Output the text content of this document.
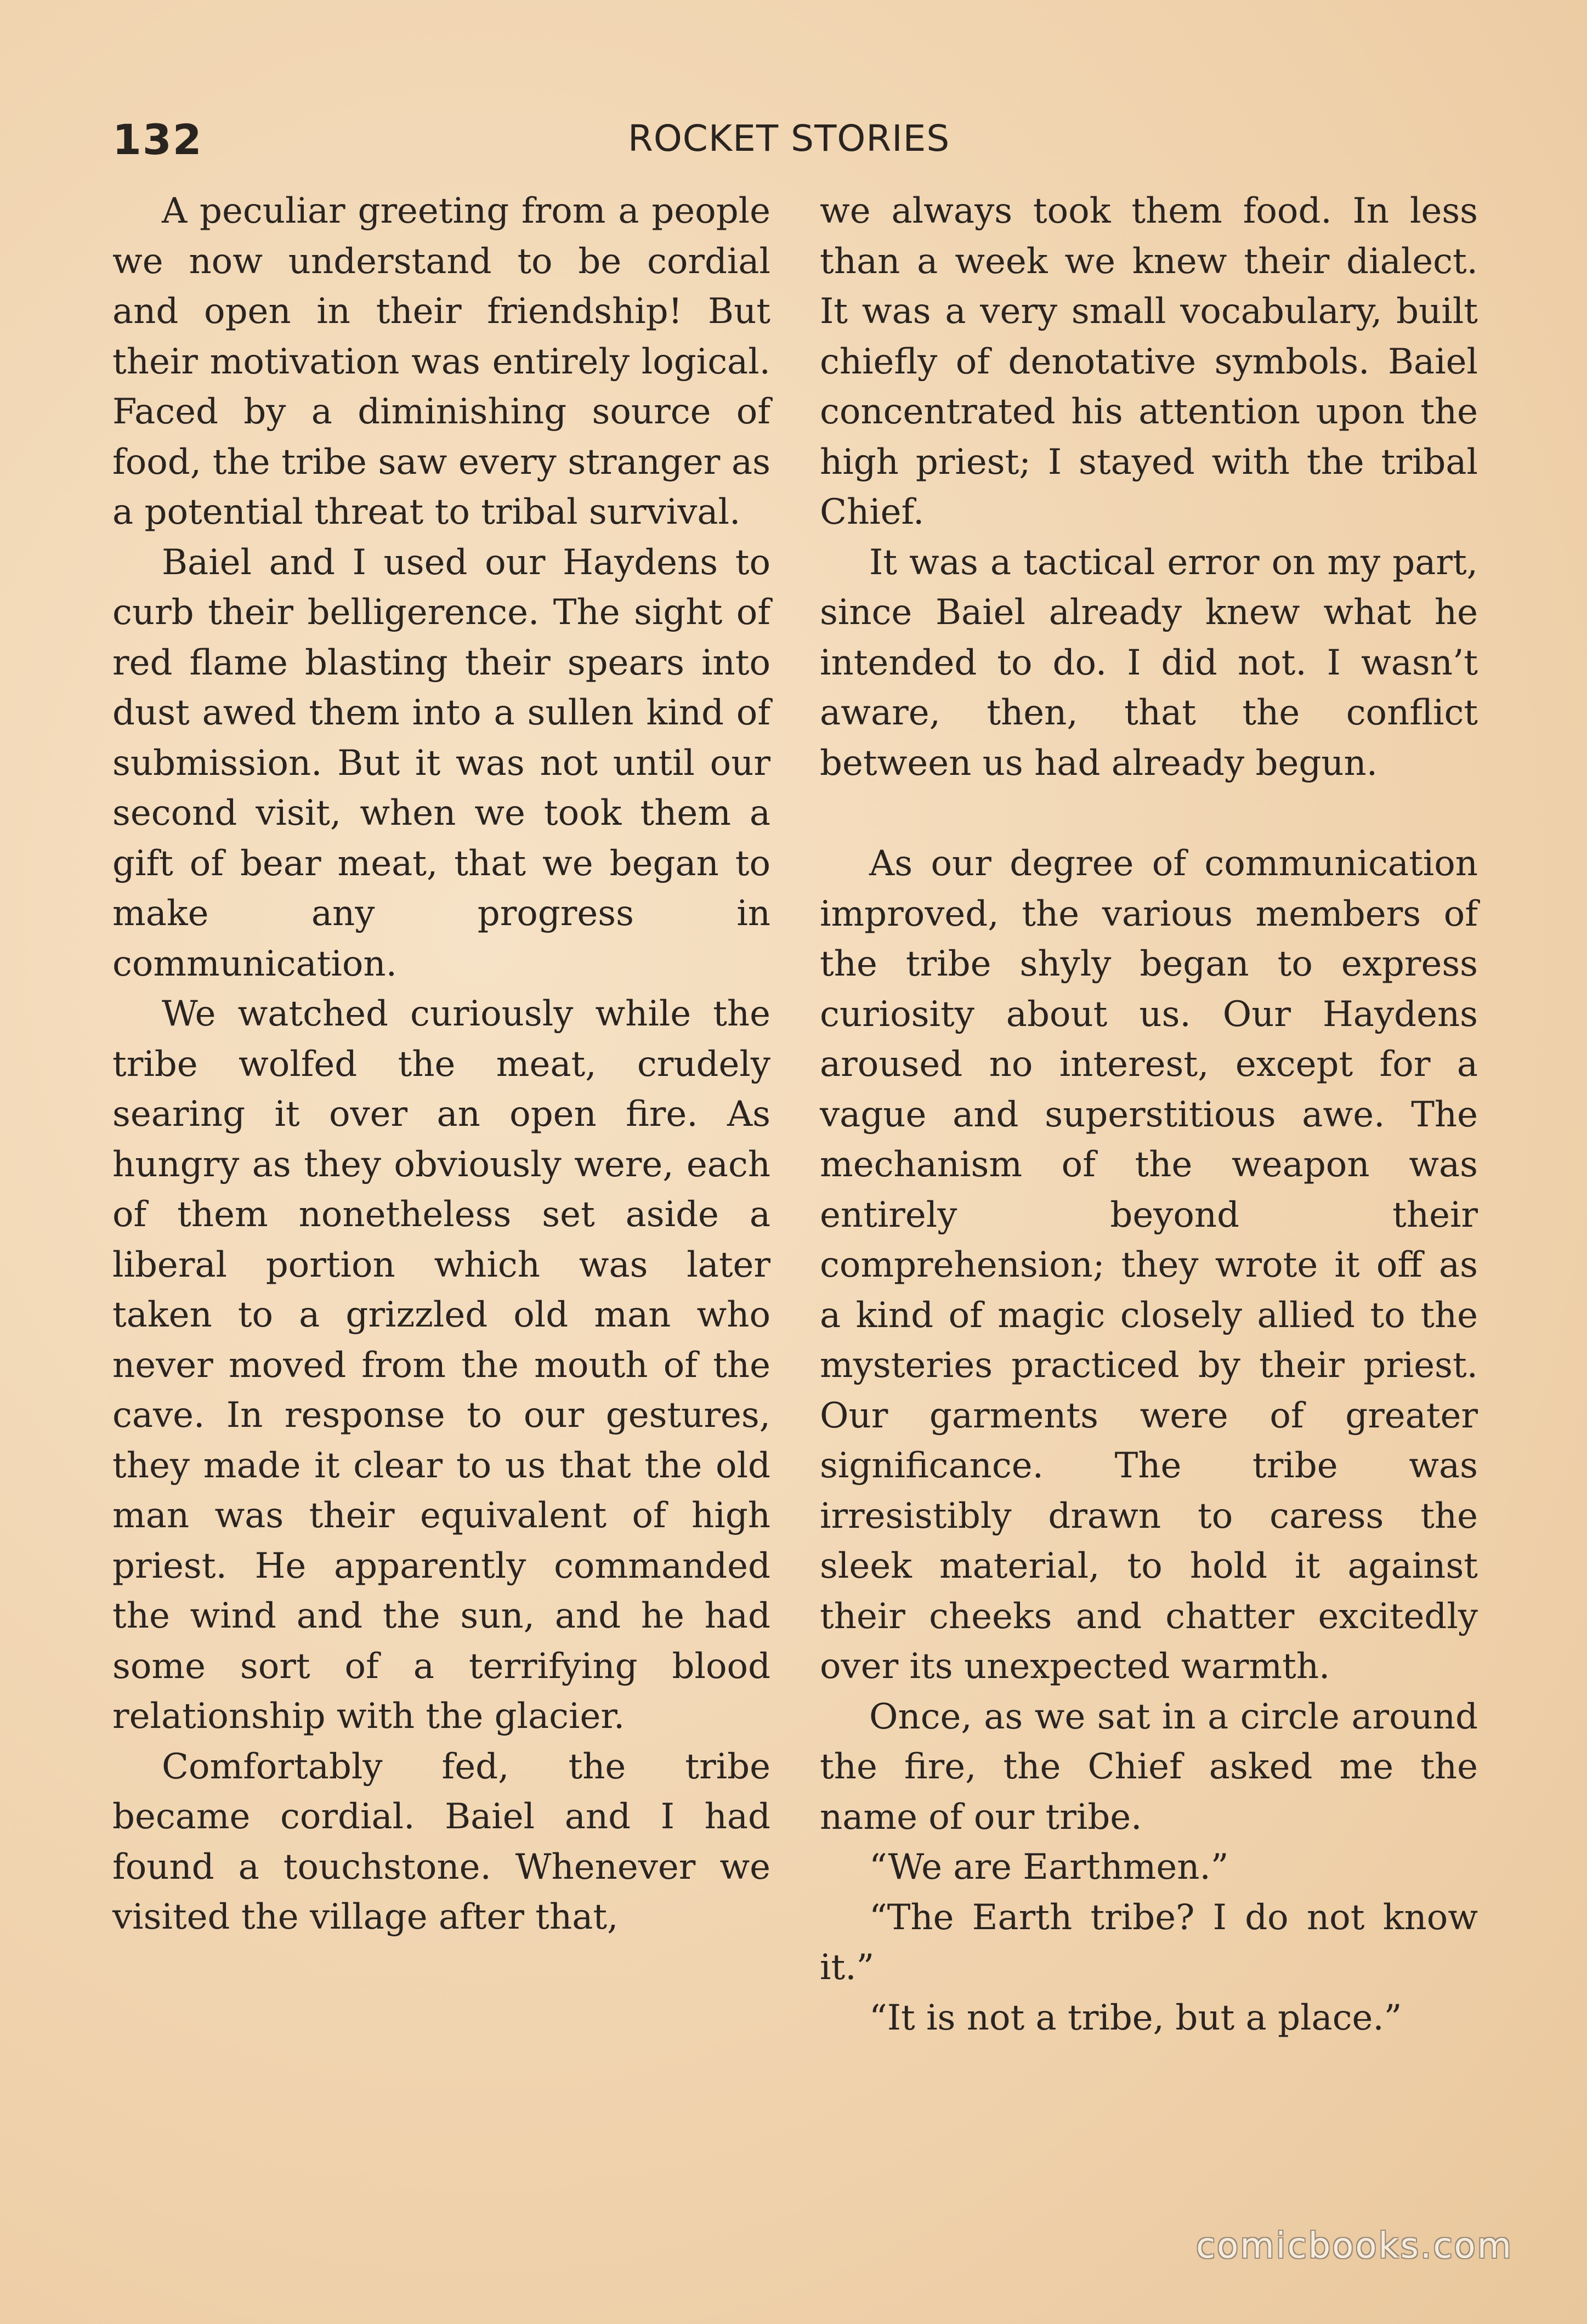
132	ROCKET STORIES

A peculiar greeting from a people we now understand to be cordial and open in their friendship! But their motivation was entirely logical. Faced by a diminishing source of food, the tribe saw every stranger as a potential threat to tribal survival.

Baiel and I used our Haydens to curb their belligerence. The sight of red flame blasting their spears into dust awed them into a sullen kind of submission. But it was not until our second visit, when we took them a gift of bear meat, that we began to make any progress in communication.

We watched curiously while the tribe wolfed the meat, crudely searing it over an open fire. As hungry as they obviously were, each of them nonetheless set aside a liberal portion which was later taken to a grizzled old man who never moved from the mouth of the cave. In response to our gestures, they made it clear to us that the old man was their equivalent of high priest. He apparently commanded the wind and the sun, and he had some sort of a terrifying blood relationship with the glacier.

Comfortably fed, the tribe became cordial. Baiel and I had found a touchstone. Whenever we visited the village after that,

we always took them food. In less than a week we knew their dialect. It was a very small vocabulary, built chiefly of denotative symbols. Baiel concentrated his attention upon the high priest; I stayed with the tribal Chief.

It was a tactical error on my part, since Baiel already knew what he intended to do. I did not. I wasn’t aware, then, that the conflict between us had already begun.

As our degree of communication improved, the various members of the tribe shyly began to express curiosity about us. Our Haydens aroused no interest, except for a vague and superstitious awe. The mechanism of the weapon was entirely beyond their comprehension; they wrote it off as a kind of magic closely allied to the mysteries practiced by their priest. Our garments were of greater significance. The tribe was irresistibly drawn to caress the sleek material, to hold it against their cheeks and chatter excitedly over its unexpected warmth.

Once, as we sat in a circle around the fire, the Chief asked me the name of our tribe.

“We are Earthmen.”

“The Earth tribe? I do not know it.”

“It is not a tribe, but a place.”

comicbooks.com
